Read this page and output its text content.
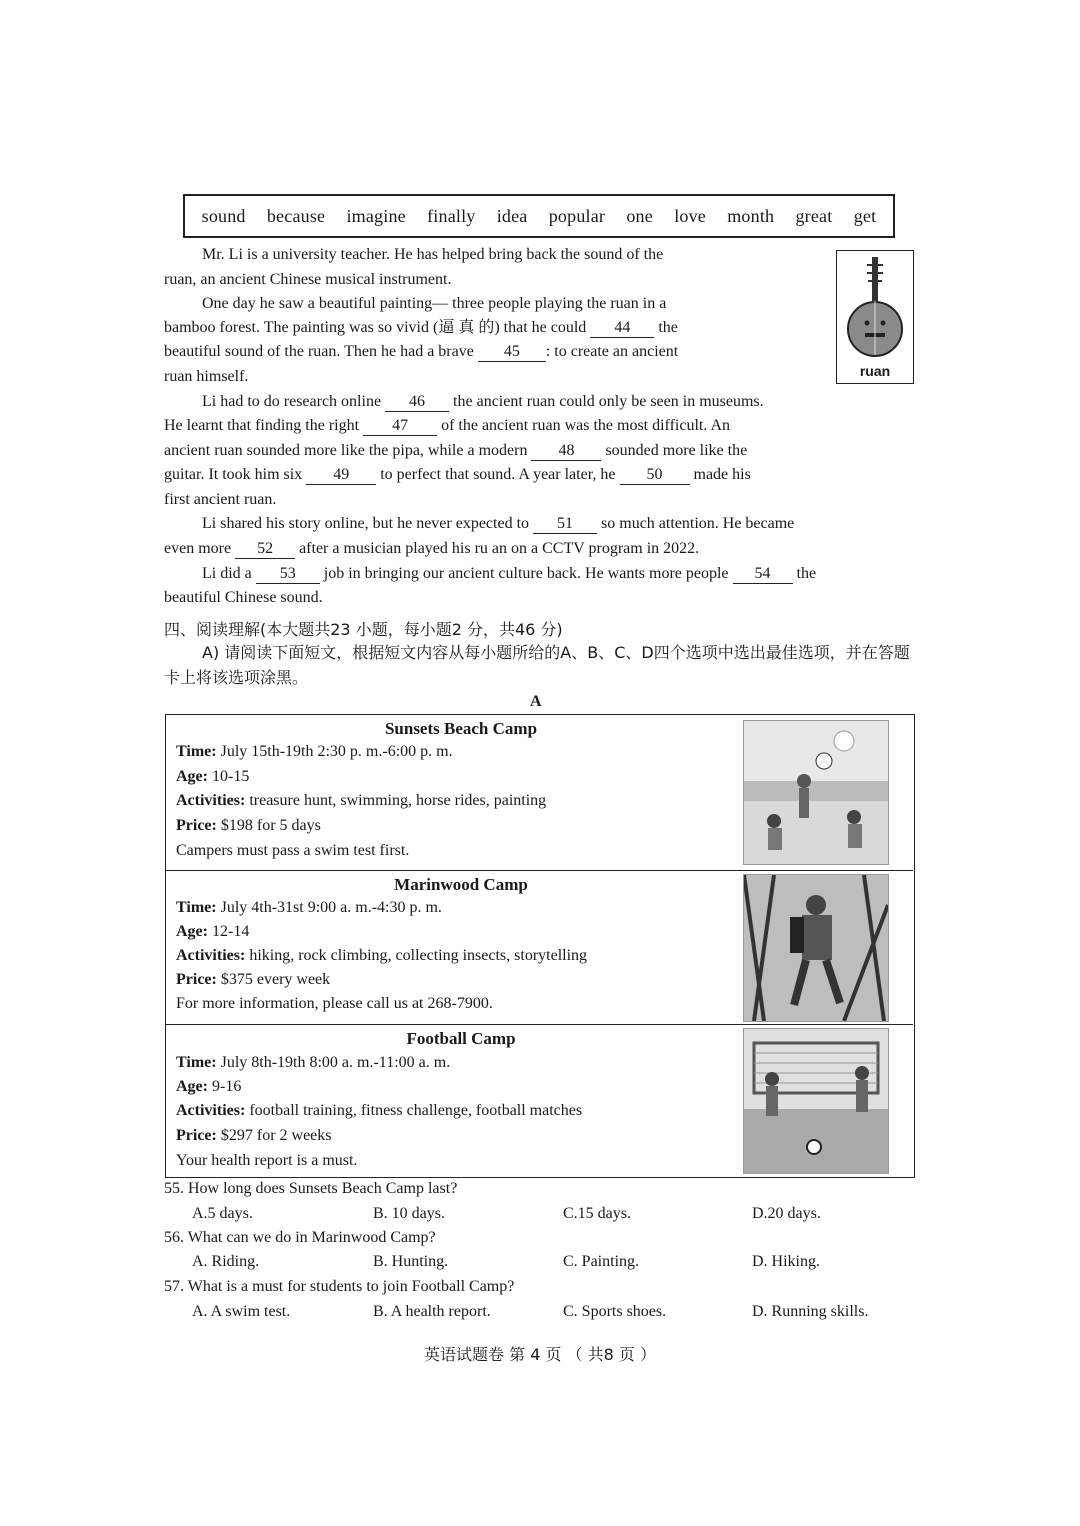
sound because imagine finally idea popular one love month great get
Mr. Li is a university teacher. He has helped bring back the sound of the
ruan, an ancient Chinese musical instrument.
One day he saw a beautiful painting— three people playing the ruan in a
bamboo forest. The painting was so vivid (逼 真 的) that he could 44 the
beautiful sound of the ruan. Then he had a brave 45 : to create an ancient
ruan himself.	ruan
Li had to do research online 46 the ancient ruan could only be seen in museums.
He learnt that finding the right 47 of the ancient ruan was the most difficult. An
ancient ruan sounded more like the pipa, while a modern 48 sounded more like the
guitar. It took him six 49 to perfect that sound. A year later, he 50 made his
first ancient ruan.
Li shared his story online, but he never expected to 51 so much attention. He became
even more 52 after a musician played his ru an on a CCTV program in 2022.
Li did a 53 job in bringing our ancient culture back. He wants more people 54 the
beautiful Chinese sound.
四、阅读理解(本大题共23 小题，每小题2 分，共46 分)
A) 请阅读下面短文，根据短文内容从每小题所给的A、B、C、D四个选项中选出最佳选项，并在答题卡上将该选项涂黑。
A
Sunsets Beach Camp
Time: July 15th-19th 2:30 p. m.-6:00 p. m.
Age: 10-15
Activities: treasure hunt, swimming, horse rides, painting
Price: $198 for 5 days
Campers must pass a swim test first.
Marinwood Camp
Time: July 4th-31st 9:00 a. m.-4:30 p. m.
Age: 12-14
Activities: hiking, rock climbing, collecting insects, storytelling
Price: $375 every week
For more information, please call us at 268-7900.
Football Camp
Time: July 8th-19th 8:00 a. m.-11:00 a. m.
Age: 9-16
Activities: football training, fitness challenge, football matches
Price: $297 for 2 weeks
Your health report is a must.
55. How long does Sunsets Beach Camp last?
A.5 days.	B. 10 days.	C.15 days.	D.20 days.
56. What can we do in Marinwood Camp?
A. Riding.	B. Hunting.	C. Painting.	D. Hiking.
57. What is a must for students to join Football Camp?
A. A swim test.	B. A health report.	C. Sports shoes.	D. Running skills.
英语试题卷 第 4 页 （ 共8 页 ）
